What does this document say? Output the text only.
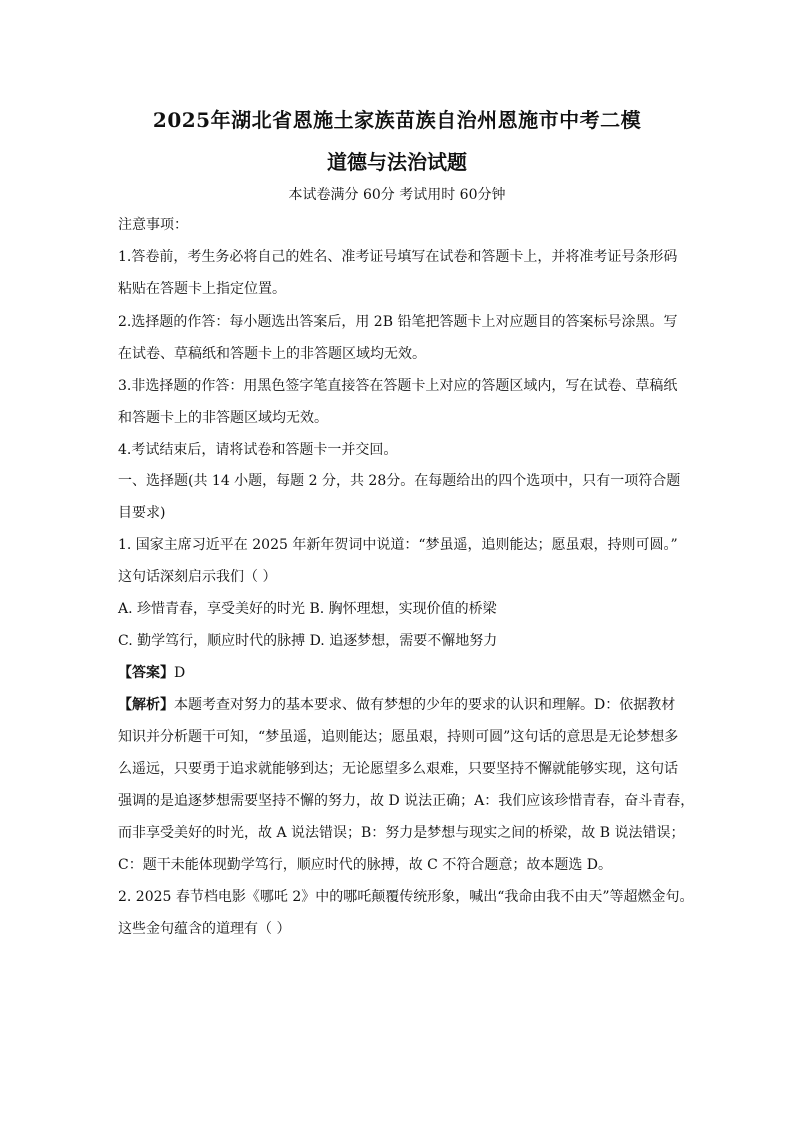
2025年湖北省恩施土家族苗族自治州恩施市中考二模
道德与法治试题
本试卷满分 60分 考试用时 60分钟
注意事项：
1.答卷前，考生务必将自己的姓名、准考证号填写在试卷和答题卡上，并将准考证号条形码
粘贴在答题卡上指定位置。
2.选择题的作答：每小题选出答案后，用 2B 铅笔把答题卡上对应题目的答案标号涂黑。写
在试卷、草稿纸和答题卡上的非答题区域均无效。
3.非选择题的作答：用黑色签字笔直接答在答题卡上对应的答题区域内，写在试卷、草稿纸
和答题卡上的非答题区域均无效。
4.考试结束后，请将试卷和答题卡一并交回。
一、选择题(共 14 小题，每题 2 分，共 28分。在每题给出的四个选项中，只有一项符合题
目要求)
1. 国家主席习近平在 2025 年新年贺词中说道：“梦虽遥，追则能达；愿虽艰，持则可圆。”
这句话深刻启示我们（ ）
A. 珍惜青春，享受美好的时光 B. 胸怀理想，实现价值的桥梁
C. 勤学笃行，顺应时代的脉搏 D. 追逐梦想，需要不懈地努力
【答案】D
【解析】本题考查对努力的基本要求、做有梦想的少年的要求的认识和理解。D：依据教材
知识并分析题干可知，“梦虽遥，追则能达；愿虽艰，持则可圆”这句话的意思是无论梦想多
么遥远，只要勇于追求就能够到达；无论愿望多么艰难，只要坚持不懈就能够实现，这句话
强调的是追逐梦想需要坚持不懈的努力，故 D 说法正确；A：我们应该珍惜青春，奋斗青春，
而非享受美好的时光，故 A 说法错误；B：努力是梦想与现实之间的桥梁，故 B 说法错误；
C：题干未能体现勤学笃行，顺应时代的脉搏，故 C 不符合题意；故本题选 D。
2. 2025 春节档电影《哪吒 2》中的哪吒颠覆传统形象，喊出“我命由我不由天”等超燃金句。
这些金句蕴含的道理有（ ）
